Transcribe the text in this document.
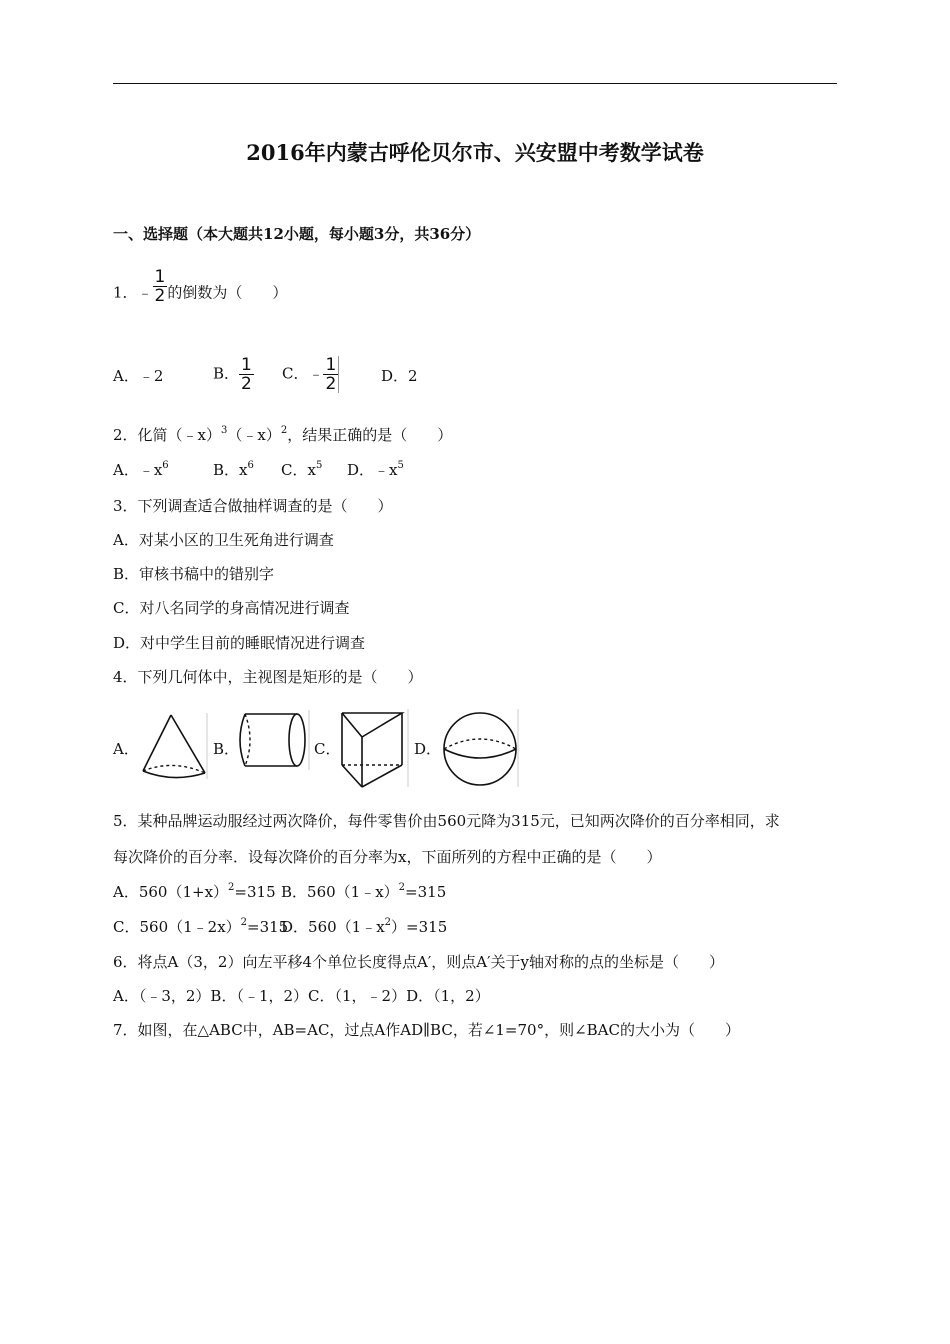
2016年内蒙古呼伦贝尔市、兴安盟中考数学试卷
一、选择题（本大题共12小题，每小题3分，共36分）
1．﹣ $\frac{1}{2}$ 的倒数为（　　）
A．﹣2	B． $\frac{1}{2}$ C．﹣ $\frac{1}{2}$	D．2
2．化简（﹣x）$^3$（﹣x）$^2$，结果正确的是（　　）
A．$﹣x^6$	B．$x^6$ C．$x^5$ D．$﹣x^5$
3．下列调查适合做抽样调查的是（　　）
A．对某小区的卫生死角进行调查
B．审核书稿中的错别字
C．对八名同学的身高情况进行调查
D．对中学生目前的睡眠情况进行调查
4．下列几何体中，主视图是矩形的是（　　）
A．	B．	C．	D．
5．某种品牌运动服经过两次降价，每件零售价由560元降为315元，已知两次降价的百分率相同，求
每次降价的百分率．设每次降价的百分率为x，下面所列的方程中正确的是（　　）
A．$560(1+x)^2=315$ B．560（1﹣x）$^2$=315
C．560（1﹣2x）$^2$=315
D．$560(1﹣x^2)=315$
6．将点A（3，2）向左平移4个单位长度得点A′，则点A′关于y轴对称的点的坐标是（　　）
A．（﹣3，2）B．（﹣1，2）C．（1，﹣2）D．（1，2）
7．如图，在△ABC中，AB=AC，过点A作AD∥BC，若∠1=70°，则∠BAC的大小为（　　）
